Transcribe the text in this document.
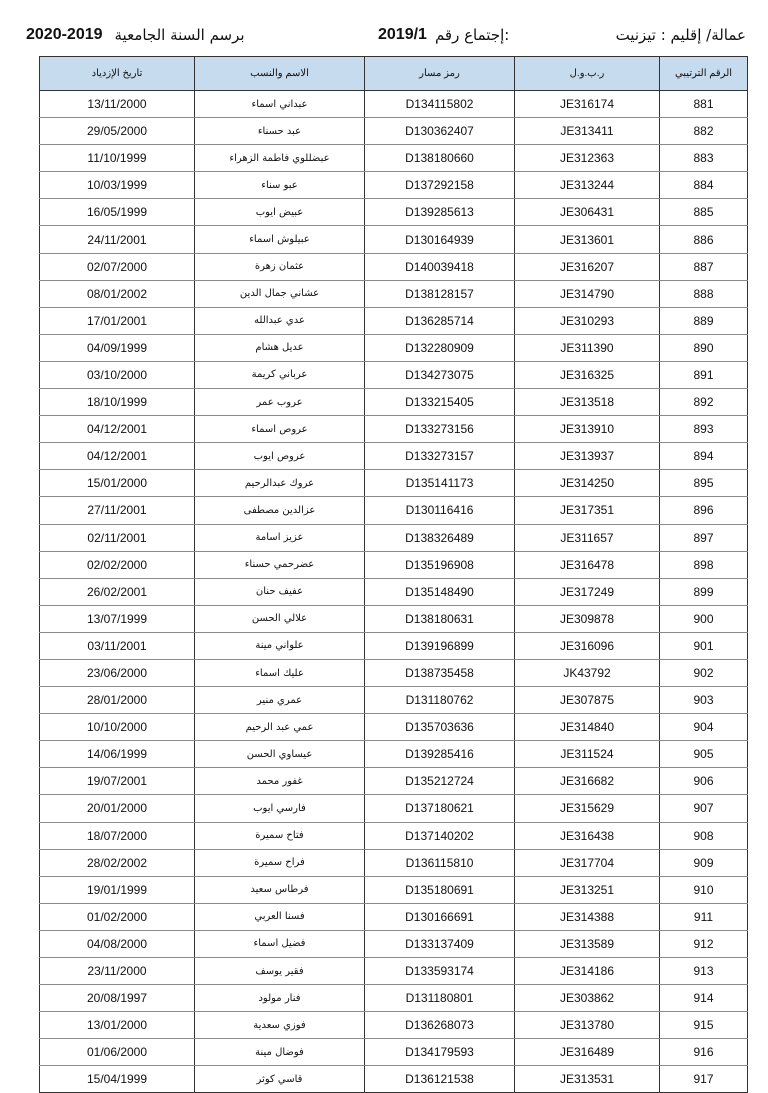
2020-2019 برسم السنة الجامعية	2019/1 إجتماع رقم:	عمالة/ إقليم : تيزنيت
الرقم الترتيبي	ر.ب.و.ل	رمز مسار	الاسم والنسب	تاريخ الإزدياد
881	JE316174	D134115802	عبداني اسماء	13/11/2000
882	JE313411	D130362407	عبد حسناء	29/05/2000
883	JE312363	D138180660	عبضللوي فاطمة الزهراء	11/10/1999
884	JE313244	D137292158	عبو سناء	10/03/1999
885	JE306431	D139285613	عبيض ايوب	16/05/1999
886	JE313601	D130164939	عبيلوش اسماء	24/11/2001
887	JE316207	D140039418	عثمان زهرة	02/07/2000
888	JE314790	D138128157	عشاني جمال الدين	08/01/2002
889	JE310293	D136285714	عدي عبدالله	17/01/2001
890	JE311390	D132280909	عديل هشام	04/09/1999
891	JE316325	D134273075	عرباني كريمة	03/10/2000
892	JE313518	D133215405	عروب عمر	18/10/1999
893	JE313910	D133273156	عروص اسماء	04/12/2001
894	JE313937	D133273157	عروص ايوب	04/12/2001
895	JE314250	D135141173	عروك عبدالرحيم	15/01/2000
896	JE317351	D130116416	عزالدين مصطفى	27/11/2001
897	JE311657	D138326489	عزيز اسامة	02/11/2001
898	JE316478	D135196908	عضرحمي حسناء	02/02/2000
899	JE317249	D135148490	عفيف حنان	26/02/2001
900	JE309878	D138180631	علالي الحسن	13/07/1999
901	JE316096	D139196899	علواني مينة	03/11/2001
902	JK43792	D138735458	عليك اسماء	23/06/2000
903	JE307875	D131180762	عمري منير	28/01/2000
904	JE314840	D135703636	عمي عبد الرحيم	10/10/2000
905	JE311524	D139285416	عيساوي الحسن	14/06/1999
906	JE316682	D135212724	غفور محمد	19/07/2001
907	JE315629	D137180621	فارسي ايوب	20/01/2000
908	JE316438	D137140202	فتاح سميرة	18/07/2000
909	JE317704	D136115810	فراح سميرة	28/02/2002
910	JE313251	D135180691	فرطاس سعيد	19/01/1999
911	JE314388	D130166691	فسنا العربي	01/02/2000
912	JE313589	D133137409	فضيل اسماء	04/08/2000
913	JE314186	D133593174	فقير يوسف	23/11/2000
914	JE303862	D131180801	فنار مولود	20/08/1997
915	JE313780	D136268073	فوزي سعدية	13/01/2000
916	JE316489	D134179593	فوضال مينة	01/06/2000
917	JE313531	D136121538	قاسي كوثر	15/04/1999
